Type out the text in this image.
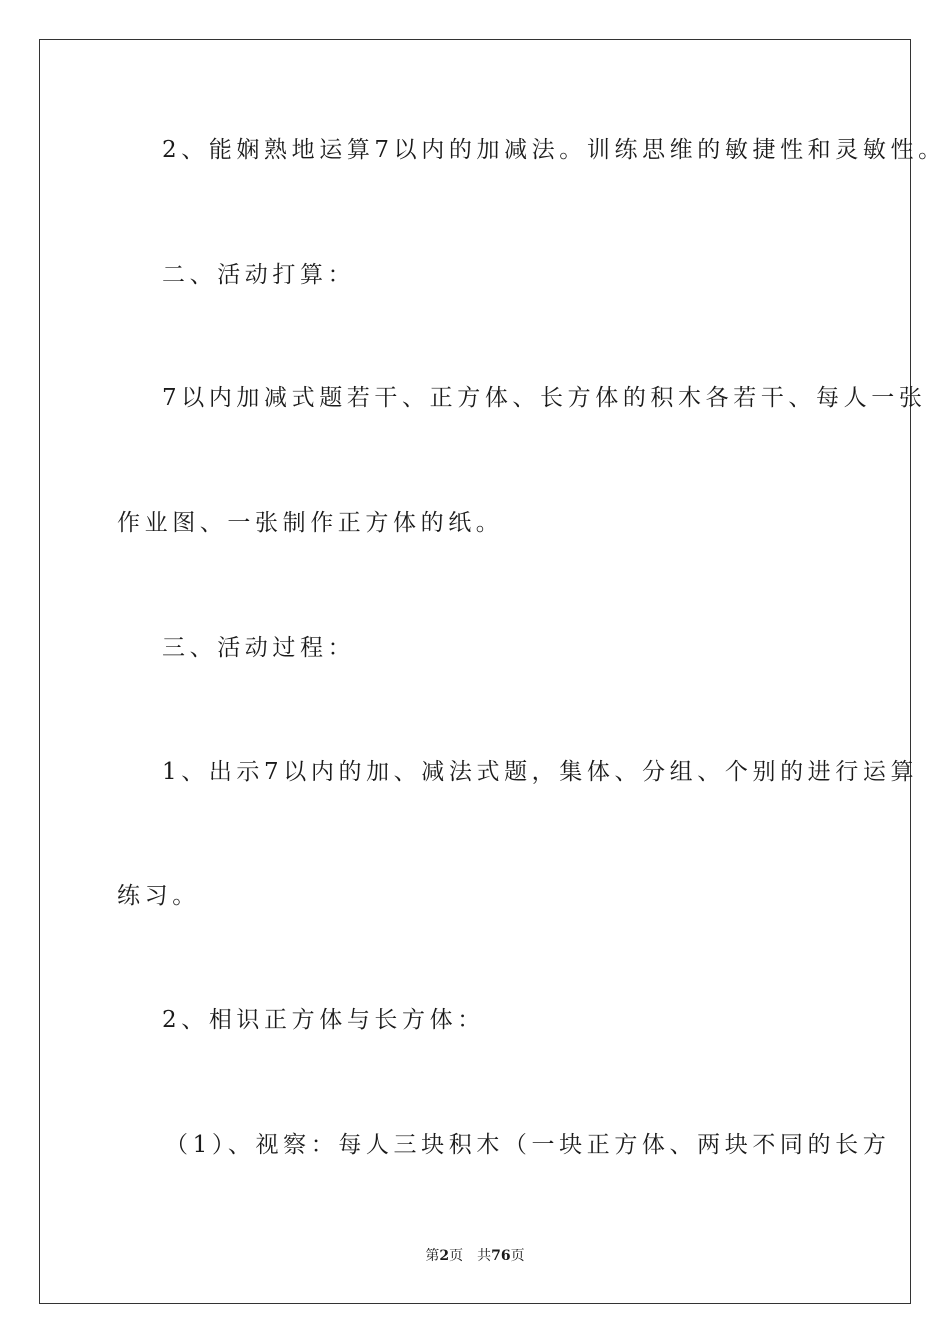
2、能娴熟地运算7以内的加减法。训练思维的敏捷性和灵敏性。
二、活动打算：
7以内加减式题若干、正方体、长方体的积木各若干、每人一张
作业图、一张制作正方体的纸。
三、活动过程：
1、出示7以内的加、减法式题，集体、分组、个别的进行运算
练习。
2、相识正方体与长方体：
（1）、视察：每人三块积木（一块正方体、两块不同的长方
第2页 共76页
